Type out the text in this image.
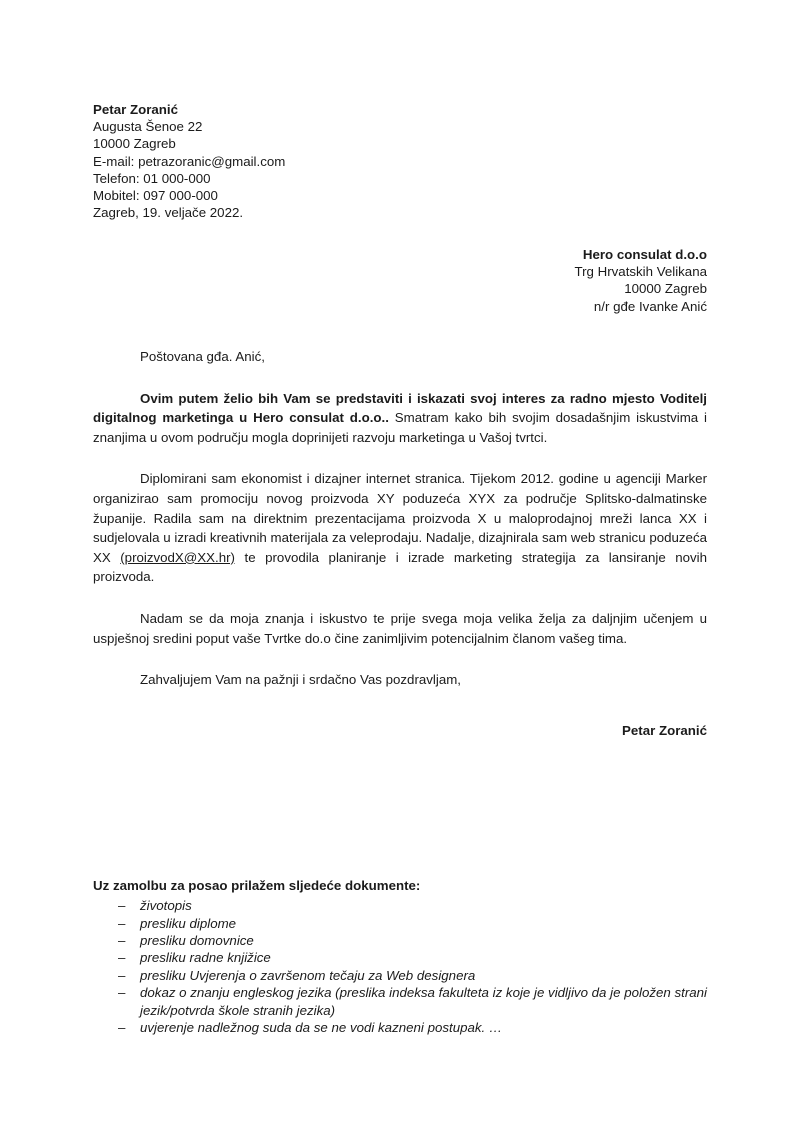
Petar Zoranić
Augusta Šenoe 22
10000 Zagreb
E-mail: petrazoranic@gmail.com
Telefon: 01 000-000
Mobitel: 097 000-000
Zagreb, 19. veljače 2022.
Hero consulat d.o.o
Trg Hrvatskih Velikana
10000 Zagreb
n/r gđe Ivanke Anić
Poštovana gđa. Anić,

Ovim putem želio bih Vam se predstaviti i iskazati svoj interes za radno mjesto Voditelj digitalnog marketinga u Hero consulat d.o.o.. Smatram kako bih svojim dosadašnjim iskustvima i znanjima u ovom području mogla doprinijeti razvoju marketinga u Vašoj tvrtci.

Diplomirani sam ekonomist i dizajner internet stranica. Tijekom 2012. godine u agenciji Marker organizirao sam promociju novog proizvoda XY poduzeća XYX za područje Splitsko-dalmatinske županije. Radila sam na direktnim prezentacijama proizvoda X u maloprodajnoj mreži lanca XX i sudjelovala u izradi kreativnih materijala za veleprodaju. Nadalje, dizajnirala sam web stranicu poduzeća XX (proizvodX@XX.hr) te provodila planiranje i izrade marketing strategija za lansiranje novih proizvoda.

Nadam se da moja znanja i iskustvo te prije svega moja velika želja za daljnjim učenjem u uspješnoj sredini poput vaše Tvrtke do.o čine zanimljivim potencijalnim članom vašeg tima.

Zahvaljujem Vam na pažnji i srdačno Vas pozdravljam,
Petar Zoranić
Uz zamolbu za posao prilažem sljedeće dokumente:
– životopis
– presliku diplome
– presliku domovnice
– presliku radne knjižice
– presliku Uvjerenja o završenom tečaju za Web designera
– dokaz o znanju engleskog jezika (preslika indeksa fakulteta iz koje je vidljivo da je položen strani jezik/potvrda škole stranih jezika)
– uvjerenje nadležnog suda da se ne vodi kazneni postupak. …
